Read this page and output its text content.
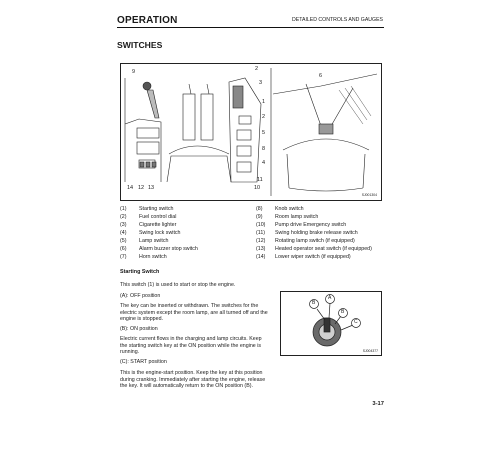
OPERATION	DETAILED CONTROLS AND GAUGES
SWITCHES
9	2
3
1
2
5
8
4
11
14 12 13	10
6
SJ001304
(1)	Starting switch
(2)	Fuel control dial
(3)	Cigarette lighter
(4)	Swing lock switch
(5)	Lamp switch
(6)	Alarm buzzer stop switch
(7)	Horn switch
(8)	Knob switch
(9)	Room lamp switch
(10)	Pump drive Emergency switch
(11)	Swing holding brake release switch
(12)	Rotating lamp switch (if equipped)
(13)	Heated operator seat switch (if equipped)
(14)	Lower wiper switch (if equipped)
Starting Switch
This switch (1) is used to start or stop the engine.
(A): OFF position
The key can be inserted or withdrawn. The switches for the electric system except the room lamp, are all turned off and the engine is stopped.
(B): ON position
Electric current flows in the charging and lamp circuits. Keep the starting switch key at the ON position while the engine is running.
(C): START position
This is the engine-start position. Keep the key at this position during cranking. Immediately after starting the engine, release the key. It will automatically return to the ON position (B).
B
A
B
C
SJ004377
3-17
